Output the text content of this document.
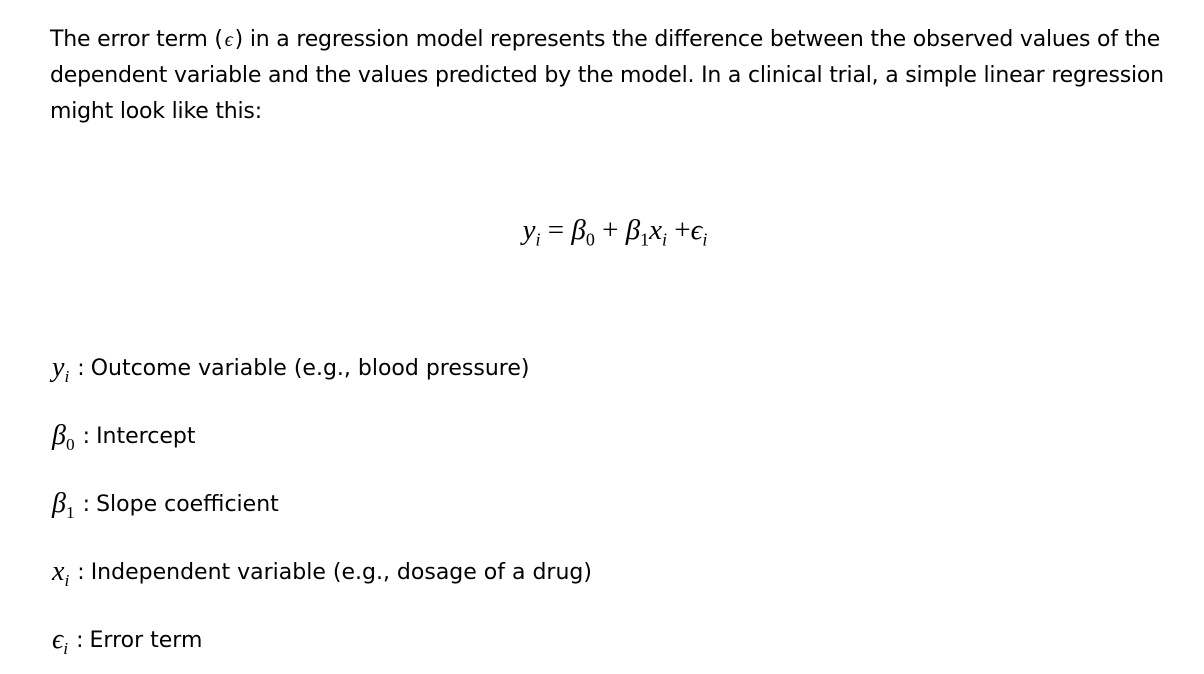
The error term ( ϵ) in a regression model represents the difference between the observed values of the dependent variable and the values predicted by the model. In a clinical trial, a simple linear regression might look like this:

$y_i = \beta_0 + \beta_1x_i +\epsilon_i$
$y_i$ : Outcome variable (e.g., blood pressure)
$\beta_0$ : Intercept
$\beta_1$ : Slope coefficient
$x_i$ : Independent variable (e.g., dosage of a drug)
$\epsilon_i$ : Error term
